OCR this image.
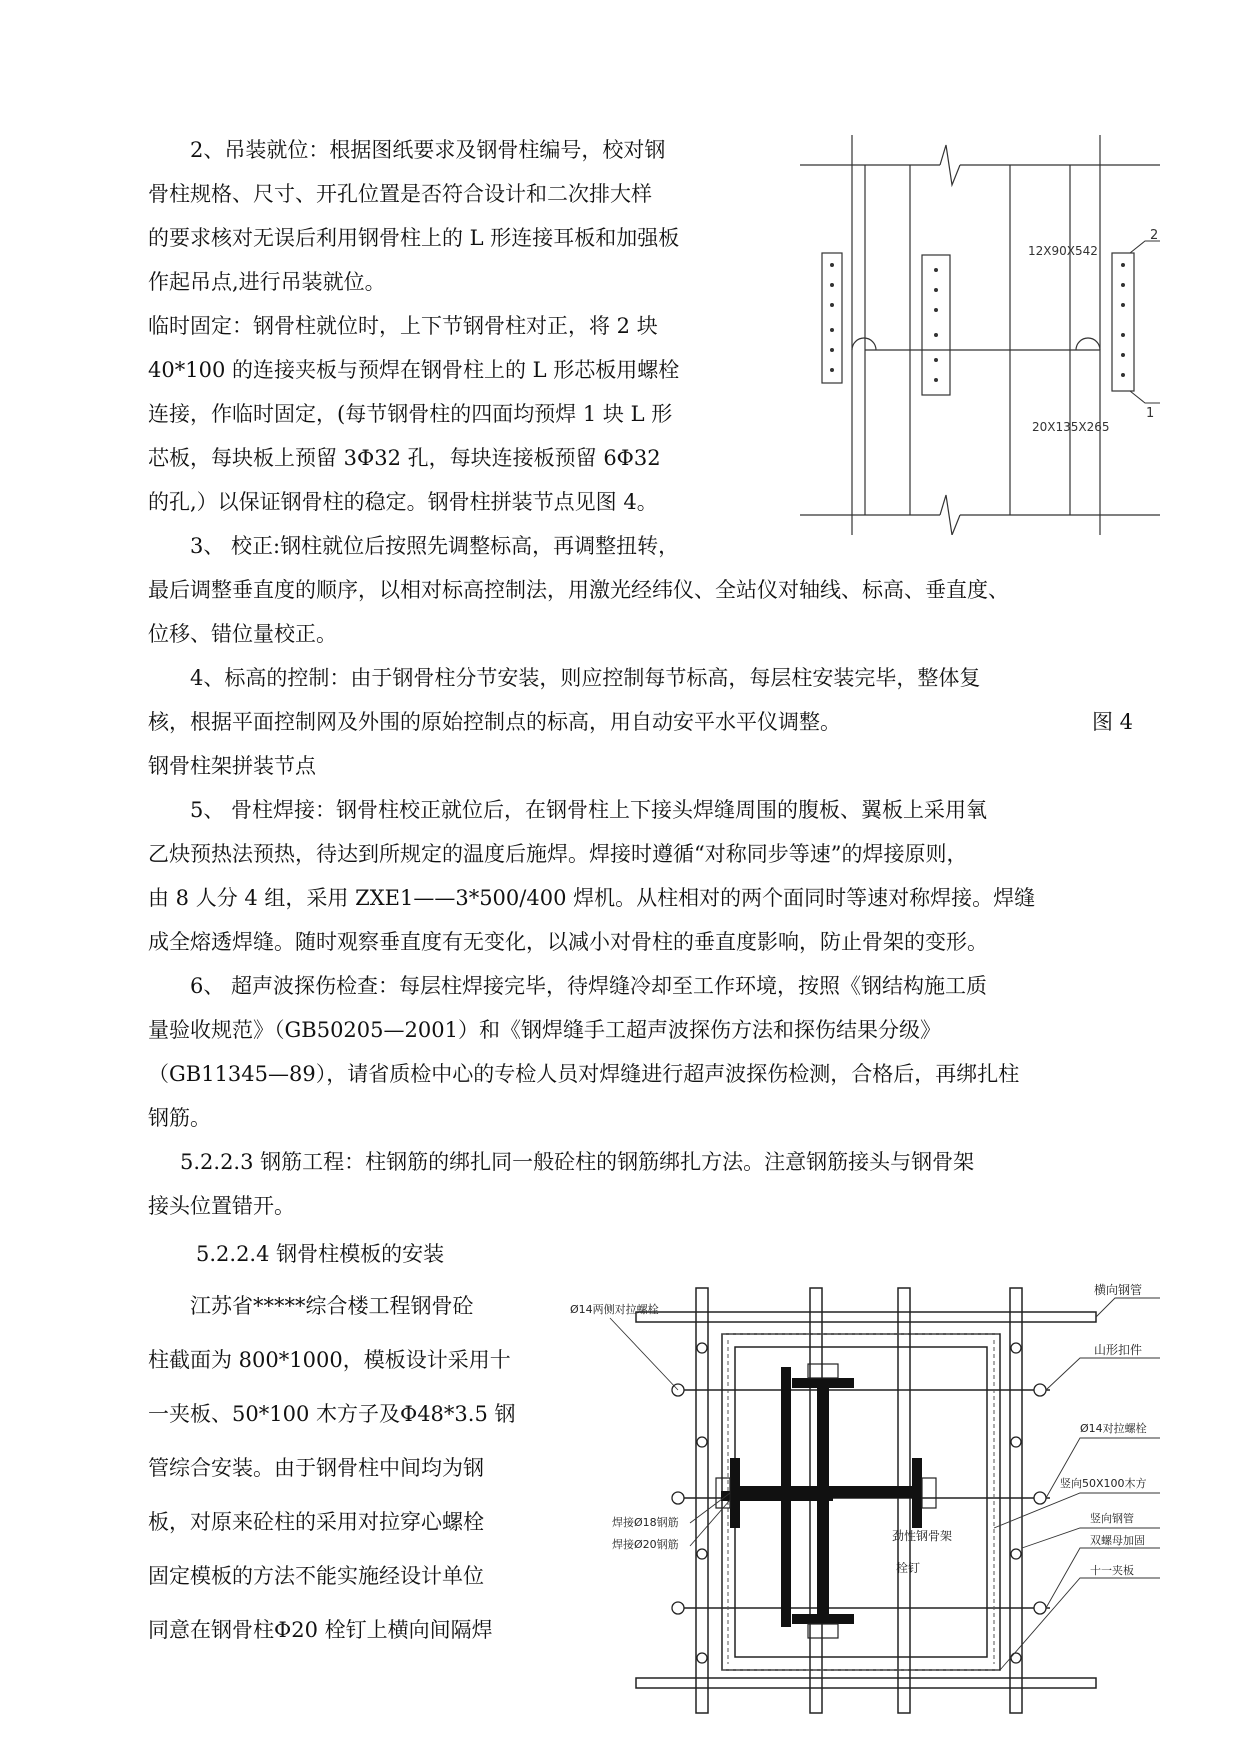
2、吊装就位：根据图纸要求及钢骨柱编号，校对钢

骨柱规格、尺寸、开孔位置是否符合设计和二次排大样

的要求核对无误后利用钢骨柱上的 L 形连接耳板和加强板

作起吊点,进行吊装就位。

临时固定：钢骨柱就位时，上下节钢骨柱对正，将 2 块

40*100 的连接夹板与预焊在钢骨柱上的 L 形芯板用螺栓

连接，作临时固定，(每节钢骨柱的四面均预焊 1 块 L 形

芯板，每块板上预留 3Φ32 孔，每块连接板预留 6Φ32

的孔,）以保证钢骨柱的稳定。钢骨柱拼装节点见图 4。

3、 校正:钢柱就位后按照先调整标高，再调整扭转，

最后调整垂直度的顺序，以相对标高控制法，用激光经纬仪、全站仪对轴线、标高、垂直度、

位移、错位量校正。

4、标高的控制：由于钢骨柱分节安装，则应控制每节标高，每层柱安装完毕，整体复

核，根据平面控制网及外围的原始控制点的标高，用自动安平水平仪调整。	图 4

钢骨柱架拼装节点

5、 骨柱焊接：钢骨柱校正就位后，在钢骨柱上下接头焊缝周围的腹板、翼板上采用氧

乙炔预热法预热，待达到所规定的温度后施焊。焊接时遵循“对称同步等速”的焊接原则，

由 8 人分 4 组，采用 ZXE1——3*500/400 焊机。从柱相对的两个面同时等速对称焊接。焊缝

成全熔透焊缝。随时观察垂直度有无变化，以减小对骨柱的垂直度影响，防止骨架的变形。

6、 超声波探伤检查：每层柱焊接完毕，待焊缝冷却至工作环境，按照《钢结构施工质

量验收规范》（GB50205—2001）和《钢焊缝手工超声波探伤方法和探伤结果分级》

（GB11345—89），请省质检中心的专检人员对焊缝进行超声波探伤检测，合格后，再绑扎柱

钢筋。

5.2.2.3 钢筋工程：柱钢筋的绑扎同一般砼柱的钢筋绑扎方法。注意钢筋接头与钢骨架

接头位置错开。

5.2.2.4 钢骨柱模板的安装

江苏省*****综合楼工程钢骨砼

柱截面为 800*1000，模板设计采用十

一夹板、50*100 木方子及Φ48*3.5 钢

管综合安装。由于钢骨柱中间均为钢

板，对原来砼柱的采用对拉穿心螺栓

固定模板的方法不能实施经设计单位

同意在钢骨柱Φ20 栓钉上横向间隔焊

2
12X90X542
1
20X135X265
横向钢管
Ø14两侧对拉螺栓
山形扣件
Ø14对拉螺栓
竖向50X100木方
竖向钢管
双螺母加固
十一夹板
焊接Ø18钢筋
焊接Ø20钢筋
劲性钢骨架
栓钉
